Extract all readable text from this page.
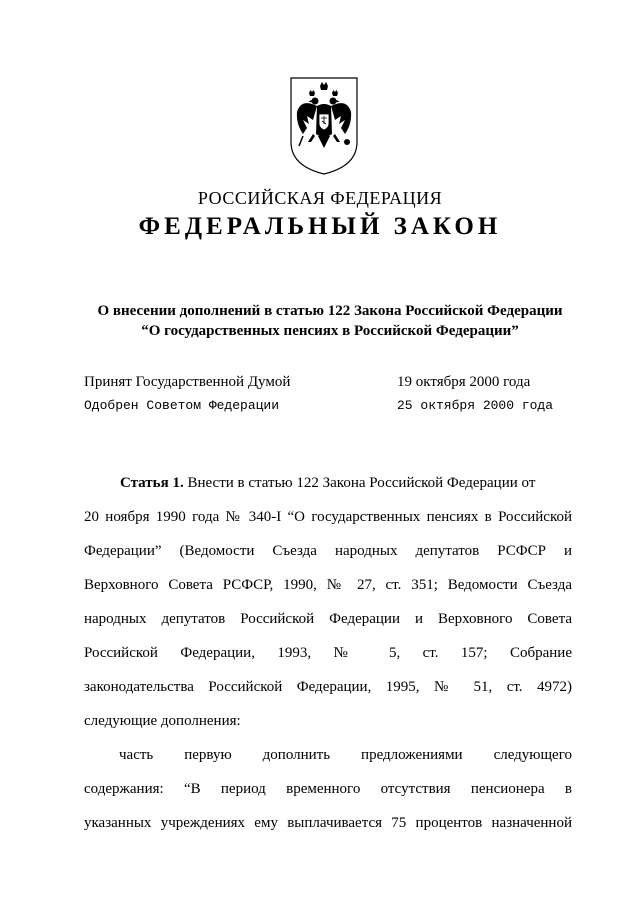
РОССИЙСКАЯ ФЕДЕРАЦИЯ
ФЕДЕРАЛЬНЫЙ ЗАКОН
О внесении дополнений в статью 122 Закона Российской Федерации
“О государственных пенсиях в Российской Федерации”
Принят Государственной Думой	19 октября 2000 года
Одобрен Советом Федерации	25 октября 2000 года
Статья 1. Внести в статью 122 Закона Российской Федерации от
20 ноября 1990 года № 340-I “О государственных пенсиях в Российской
Федерации” (Ведомости Съезда народных депутатов РСФСР и
Верховного Совета РСФСР, 1990, № 27, ст. 351; Ведомости Съезда
народных депутатов Российской Федерации и Верховного Совета
Российской Федерации, 1993, № 5, ст. 157; Собрание
законодательства Российской Федерации, 1995, № 51, ст. 4972)
следующие дополнения:
часть первую дополнить предложениями следующего
содержания: “В период временного отсутствия пенсионера в
указанных учреждениях ему выплачивается 75 процентов назначенной
